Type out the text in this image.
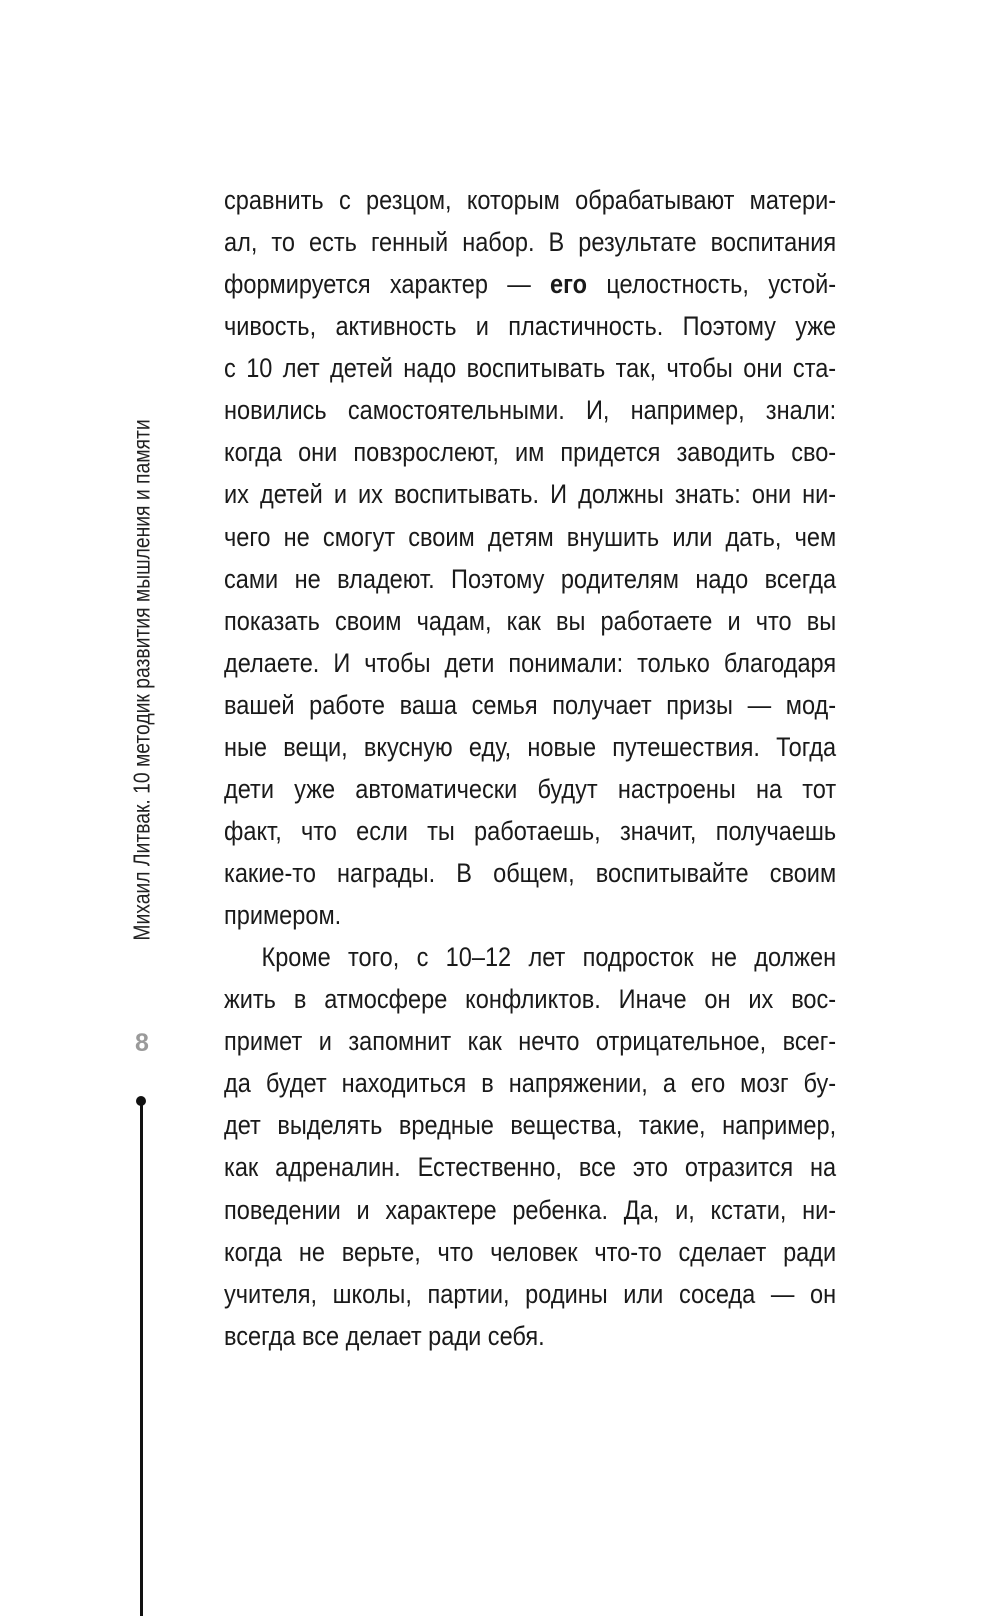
Михаил Литвак. 10 методик развития мышления и памяти
8
сравнить с резцом, которым обрабатывают матери-
ал, то есть генный набор. В результате воспитания
формируется характер — его целостность, устой-
чивость, активность и пластичность. Поэтому уже
с 10 лет детей надо воспитывать так, чтобы они ста-
новились самостоятельными. И, например, знали:
когда они повзрослеют, им придется заводить сво-
их детей и их воспитывать. И должны знать: они ни-
чего не смогут своим детям внушить или дать, чем
сами не владеют. Поэтому родителям надо всегда
показать своим чадам, как вы работаете и что вы
делаете. И чтобы дети понимали: только благодаря
вашей работе ваша семья получает призы — мод-
ные вещи, вкусную еду, новые путешествия. Тогда
дети уже автоматически будут настроены на тот
факт, что если ты работаешь, значит, получаешь
какие-то награды. В общем, воспитывайте своим
примером.
Кроме того, с 10–12 лет подросток не должен
жить в атмосфере конфликтов. Иначе он их вос-
примет и запомнит как нечто отрицательное, всег-
да будет находиться в напряжении, а его мозг бу-
дет выделять вредные вещества, такие, например,
как адреналин. Естественно, все это отразится на
поведении и характере ребенка. Да, и, кстати, ни-
когда не верьте, что человек что-то сделает ради
учителя, школы, партии, родины или соседа — он
всегда все делает ради себя.
